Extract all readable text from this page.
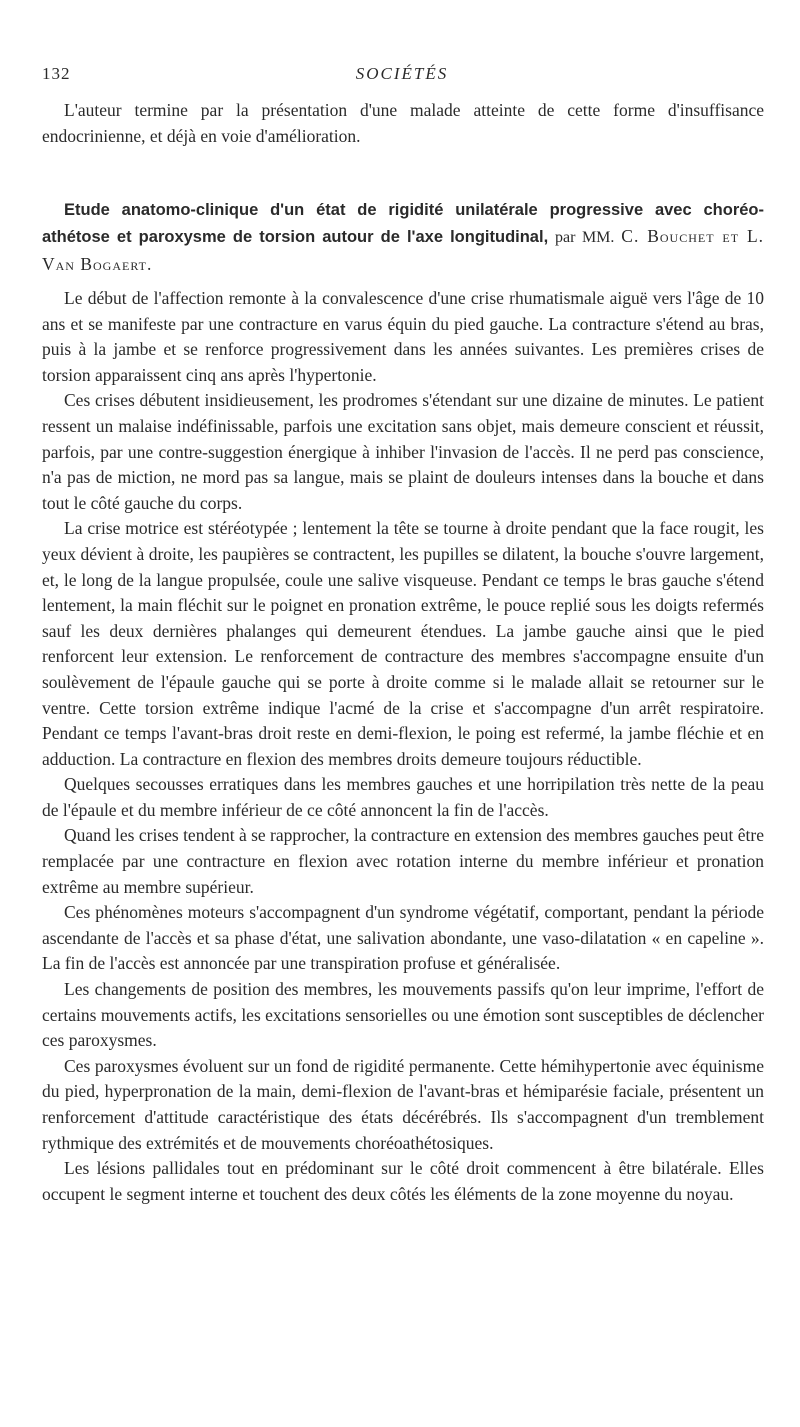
132	SOCIÉTÉS

L'auteur termine par la présentation d'une malade atteinte de cette forme d'insuffisance endocrinienne, et déjà en voie d'amélioration.

Etude anatomo-clinique d'un état de rigidité unilatérale progressive avec choréo-athétose et paroxysme de torsion autour de l'axe longitudinal, par MM. C. Bouchet et L. Van Bogaert.

Le début de l'affection remonte à la convalescence d'une crise rhumatismale aiguë vers l'âge de 10 ans et se manifeste par une contracture en varus équin du pied gauche. La contracture s'étend au bras, puis à la jambe et se renforce progressivement dans les années suivantes. Les premières crises de torsion apparaissent cinq ans après l'hypertonie.

Ces crises débutent insidieusement, les prodromes s'étendant sur une dizaine de minutes. Le patient ressent un malaise indéfinissable, parfois une excitation sans objet, mais demeure conscient et réussit, parfois, par une contre-suggestion énergique à inhiber l'invasion de l'accès. Il ne perd pas conscience, n'a pas de miction, ne mord pas sa langue, mais se plaint de douleurs intenses dans la bouche et dans tout le côté gauche du corps.

La crise motrice est stéréotypée ; lentement la tête se tourne à droite pendant que la face rougit, les yeux dévient à droite, les paupières se contractent, les pupilles se dilatent, la bouche s'ouvre largement, et, le long de la langue propulsée, coule une salive visqueuse. Pendant ce temps le bras gauche s'étend lentement, la main fléchit sur le poignet en pronation extrême, le pouce replié sous les doigts refermés sauf les deux dernières phalanges qui demeurent étendues. La jambe gauche ainsi que le pied renforcent leur extension. Le renforcement de contracture des membres s'accompagne ensuite d'un soulèvement de l'épaule gauche qui se porte à droite comme si le malade allait se retourner sur le ventre. Cette torsion extrême indique l'acmé de la crise et s'accompagne d'un arrêt respiratoire. Pendant ce temps l'avant-bras droit reste en demi-flexion, le poing est refermé, la jambe fléchie et en adduction. La contracture en flexion des membres droits demeure toujours réductible.

Quelques secousses erratiques dans les membres gauches et une horripilation très nette de la peau de l'épaule et du membre inférieur de ce côté annoncent la fin de l'accès.

Quand les crises tendent à se rapprocher, la contracture en extension des membres gauches peut être remplacée par une contracture en flexion avec rotation interne du membre inférieur et pronation extrême au membre supérieur.

Ces phénomènes moteurs s'accompagnent d'un syndrome végétatif, comportant, pendant la période ascendante de l'accès et sa phase d'état, une salivation abondante, une vaso-dilatation « en capeline ». La fin de l'accès est annoncée par une transpiration profuse et généralisée.

Les changements de position des membres, les mouvements passifs qu'on leur imprime, l'effort de certains mouvements actifs, les excitations sensorielles ou une émotion sont susceptibles de déclencher ces paroxysmes.

Ces paroxysmes évoluent sur un fond de rigidité permanente. Cette hémihypertonie avec équinisme du pied, hyperpronation de la main, demi-flexion de l'avant-bras et hémiparésie faciale, présentent un renforcement d'attitude caractéristique des états décérébrés. Ils s'accompagnent d'un tremblement rythmique des extrémités et de mouvements choréoathétosiques.

Les lésions pallidales tout en prédominant sur le côté droit commencent à être bilatérale. Elles occupent le segment interne et touchent des deux côtés les éléments de la zone moyenne du noyau.
